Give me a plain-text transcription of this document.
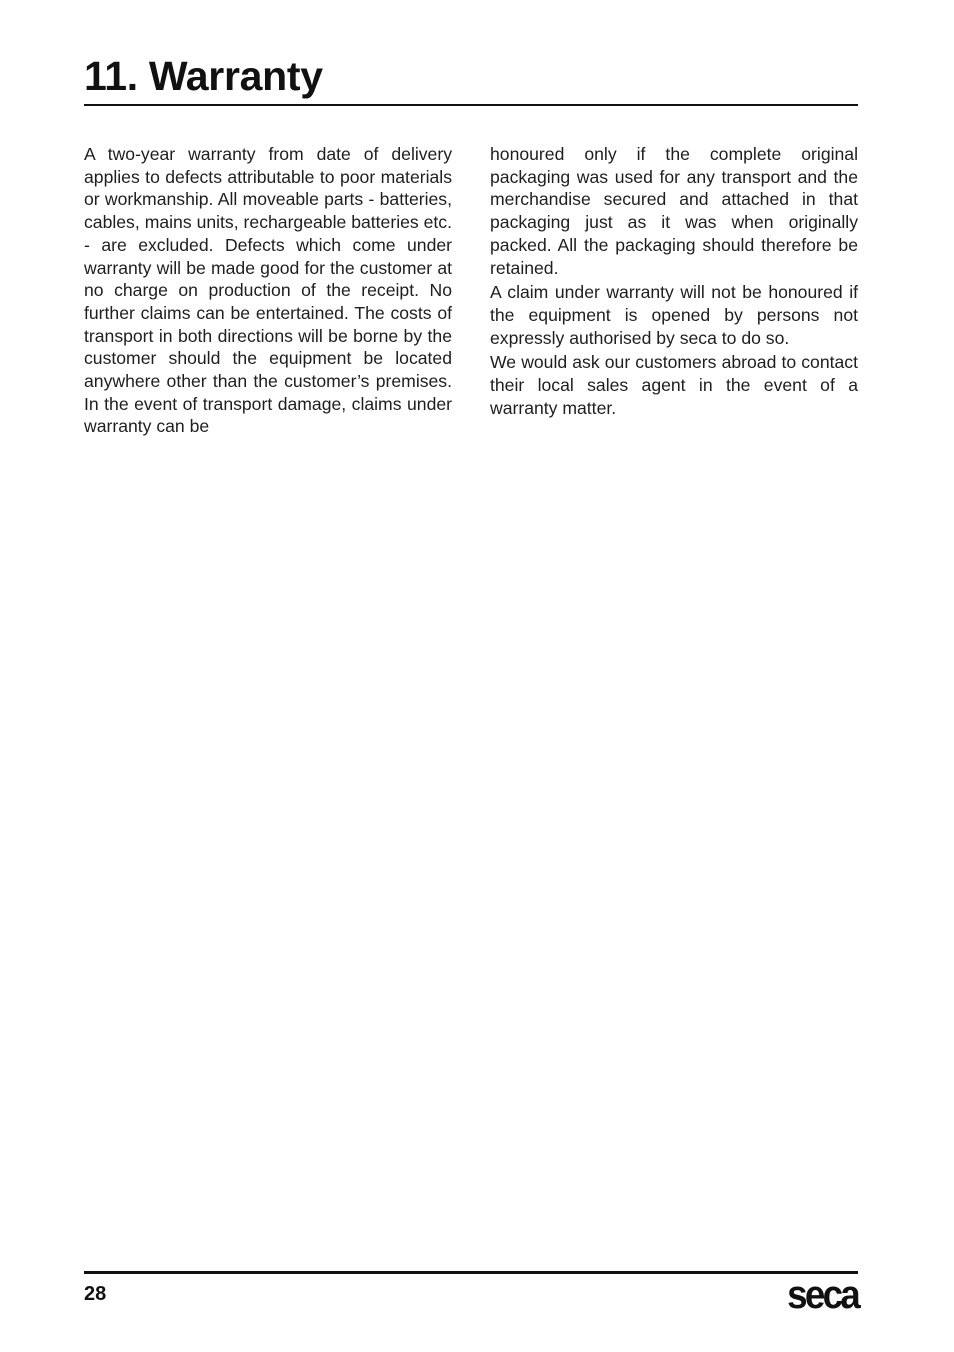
11. Warranty

A two-year warranty from date of delivery applies to defects attributable to poor materials or workmanship. All moveable parts - batteries, cables, mains units, rechargeable batteries etc. - are excluded. Defects which come under warranty will be made good for the customer at no charge on production of the receipt. No further claims can be entertained. The costs of transport in both directions will be borne by the customer should the equipment be located anywhere other than the customer’s premises. In the event of transport damage, claims under warranty can be

honoured only if the complete original packaging was used for any transport and the merchandise secured and attached in that packaging just as it was when originally packed. All the packaging should therefore be retained.

A claim under warranty will not be honoured if the equipment is opened by persons not expressly authorised by seca to do so.

We would ask our customers abroad to contact their local sales agent in the event of a warranty matter.

28	seca
